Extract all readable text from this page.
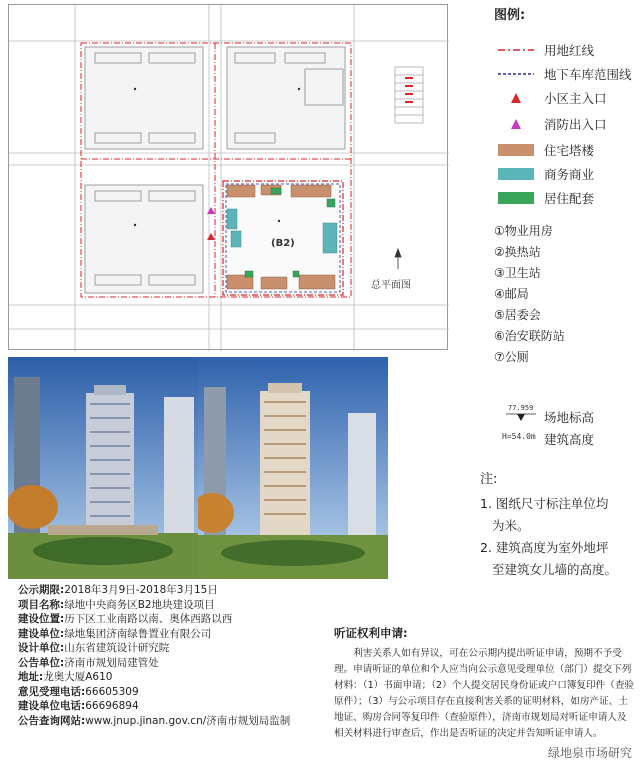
(B2)
总平面图
图例:
用地红线
地下车库范围线
小区主入口
消防出入口
住宅塔楼
商务商业
居住配套
①物业用房
②换热站
③卫生站
④邮局
⑤居委会
⑥治安联防站
⑦公厕
77.959
H=54.0m
场地标高
建筑高度
注:
1. 图纸尺寸标注单位均
为米。
2. 建筑高度为室外地坪
至建筑女儿墙的高度。
公示期限:2018年3月9日-2018年3月15日
项目名称:绿地中央商务区B2地块建设项目
建设位置:历下区工业南路以南、奥体西路以西
建设单位:绿地集团济南绿鲁置业有限公司
设计单位:山东省建筑设计研究院
公告单位:济南市规划局建管处
地址:龙奥大厦A610
意见受理电话:66605309
建设单位电话:66696894
公告查询网站:www.jnup.jinan.gov.cn/济南市规划局监制
听证权利申请:
利害关系人如有异议，可在公示期内提出听证申请，预期不予受理。申请听证的单位和个人应当向公示意见受理单位（部门）提交下列材料：（1）书面申请；（2）个人提交居民身份证或户口簿复印件（查验原件）；（3）与公示项目存在直接利害关系的证明材料，如房产证、土地证、购房合同等复印件（查验原件），济南市规划局对听证申请人及相关材料进行审查后，作出是否听证的决定并告知听证申请人。
绿地泉市场研究
